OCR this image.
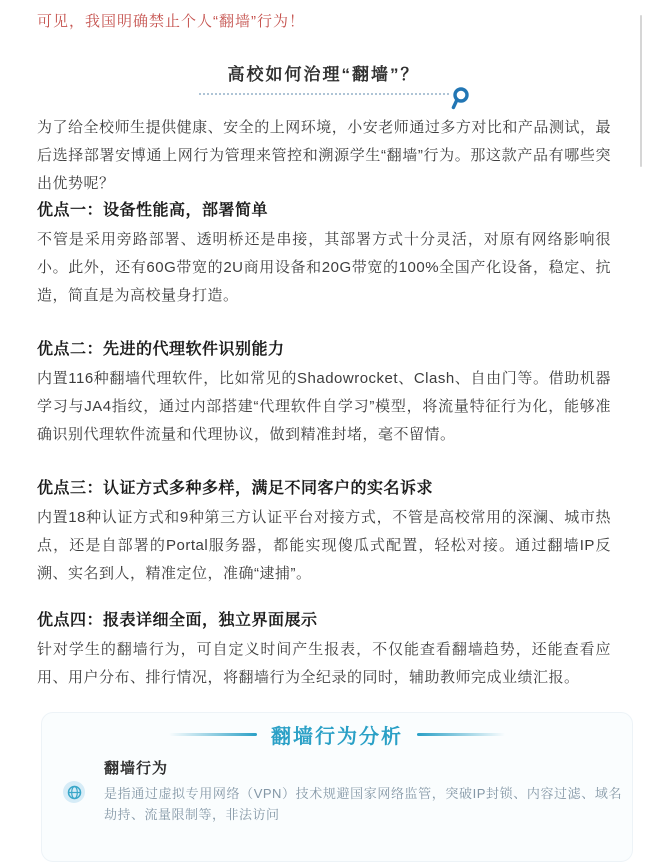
可见，我国明确禁止个人“翻墙”行为！
高校如何治理“翻墙”？
为了给全校师生提供健康、安全的上网环境，小安老师通过多方对比和产品测试，最后选择部署安博通上网行为管理来管控和溯源学生“翻墙”行为。那这款产品有哪些突出优势呢？
优点一：设备性能高，部署简单
不管是采用旁路部署、透明桥还是串接，其部署方式十分灵活，对原有网络影响很小。此外，还有60G带宽的2U商用设备和20G带宽的100%全国产化设备，稳定、抗造，简直是为高校量身打造。
优点二：先进的代理软件识别能力
内置116种翻墙代理软件，比如常见的Shadowrocket、Clash、自由门等。借助机器学习与JA4指纹，通过内部搭建“代理软件自学习”模型，将流量特征行为化，能够准确识别代理软件流量和代理协议，做到精准封堵，毫不留情。
优点三：认证方式多种多样，满足不同客户的实名诉求
内置18种认证方式和9种第三方认证平台对接方式，不管是高校常用的深澜、城市热点，还是自部署的Portal服务器，都能实现傻瓜式配置，轻松对接。通过翻墙IP反溯、实名到人，精准定位，准确“逮捕”。
优点四：报表详细全面，独立界面展示
针对学生的翻墙行为，可自定义时间产生报表，不仅能查看翻墙趋势，还能查看应用、用户分布、排行情况，将翻墙行为全纪录的同时，辅助教师完成业绩汇报。
翻墙行为分析
翻墙行为
是指通过虚拟专用网络（VPN）技术规避国家网络监管，突破IP封锁、内容过滤、域名劫持、流量限制等，非法访问
